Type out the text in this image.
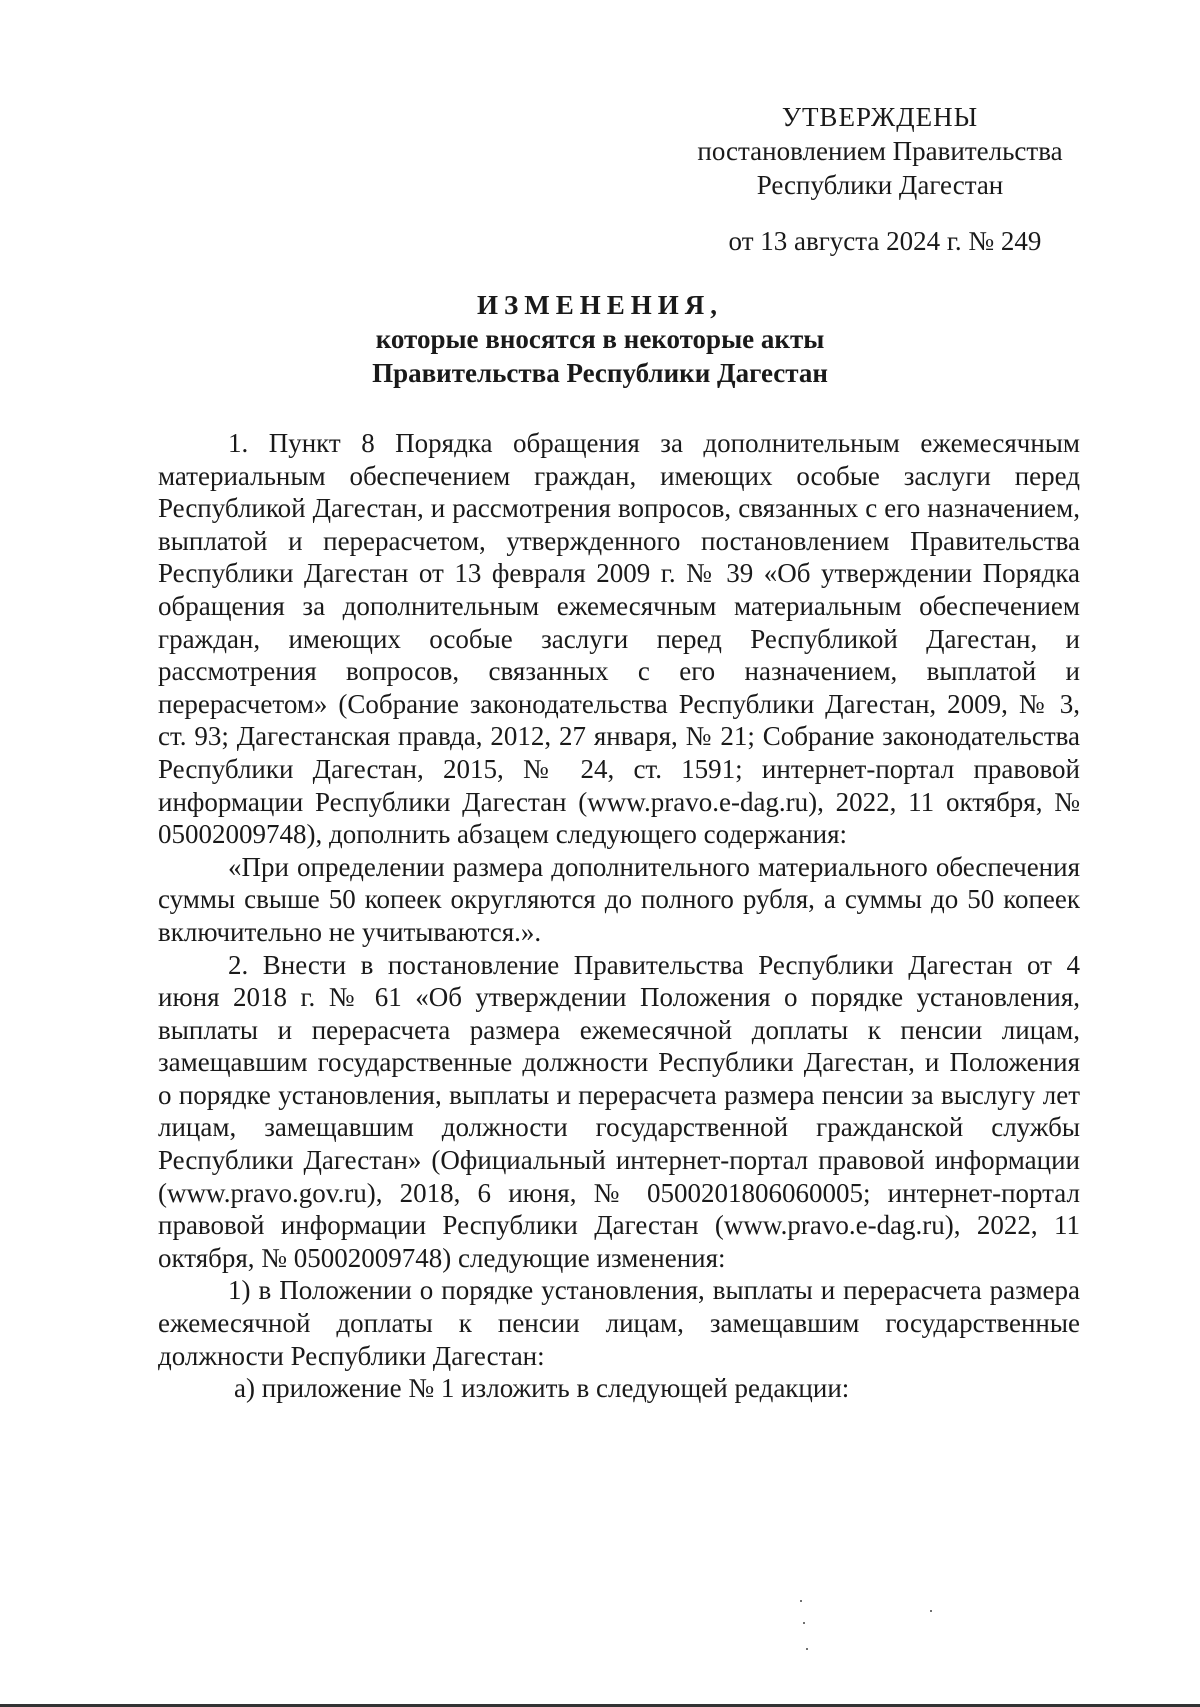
УТВЕРЖДЕНЫ
постановлением Правительства
Республики Дагестан
от 13 августа 2024 г. № 249
ИЗМЕНЕНИЯ,
которые вносятся в некоторые акты
Правительства Республики Дагестан

1. Пункт 8 Порядка обращения за дополнительным ежемесячным материальным обеспечением граждан, имеющих особые заслуги перед Республикой Дагестан, и рассмотрения вопросов, связанных с его назначением, выплатой и перерасчетом, утвержденного постановлением Правительства Республики Дагестан от 13 февраля 2009 г. № 39 «Об утверждении Порядка обращения за дополнительным ежемесячным материальным обеспечением граждан, имеющих особые заслуги перед Республикой Дагестан, и рассмотрения вопросов, связанных с его назначением, выплатой и перерасчетом» (Собрание законодательства Республики Дагестан, 2009, № 3, ст. 93; Дагестанская правда, 2012, 27 января, № 21; Собрание законодательства Республики Дагестан, 2015, № 24, ст. 1591; интернет-портал правовой информации Республики Дагестан (www.pravo.e-dag.ru), 2022, 11 октября, № 05002009748), дополнить абзацем следующего содержания:

«При определении размера дополнительного материального обеспечения суммы свыше 50 копеек округляются до полного рубля, а суммы до 50 копеек включительно не учитываются.».

2. Внести в постановление Правительства Республики Дагестан от 4 июня 2018 г. № 61 «Об утверждении Положения о порядке установления, выплаты и перерасчета размера ежемесячной доплаты к пенсии лицам, замещавшим государственные должности Республики Дагестан, и Положения о порядке установления, выплаты и перерасчета размера пенсии за выслугу лет лицам, замещавшим должности государственной гражданской службы Республики Дагестан» (Официальный интернет-портал правовой информации (www.pravo.gov.ru), 2018, 6 июня, № 0500201806060005; интернет-портал правовой информации Республики Дагестан (www.pravo.e-dag.ru), 2022, 11 октября, № 05002009748) следующие изменения:

1) в Положении о порядке установления, выплаты и перерасчета размера ежемесячной доплаты к пенсии лицам, замещавшим государственные должности Республики Дагестан:

а) приложение № 1 изложить в следующей редакции:
